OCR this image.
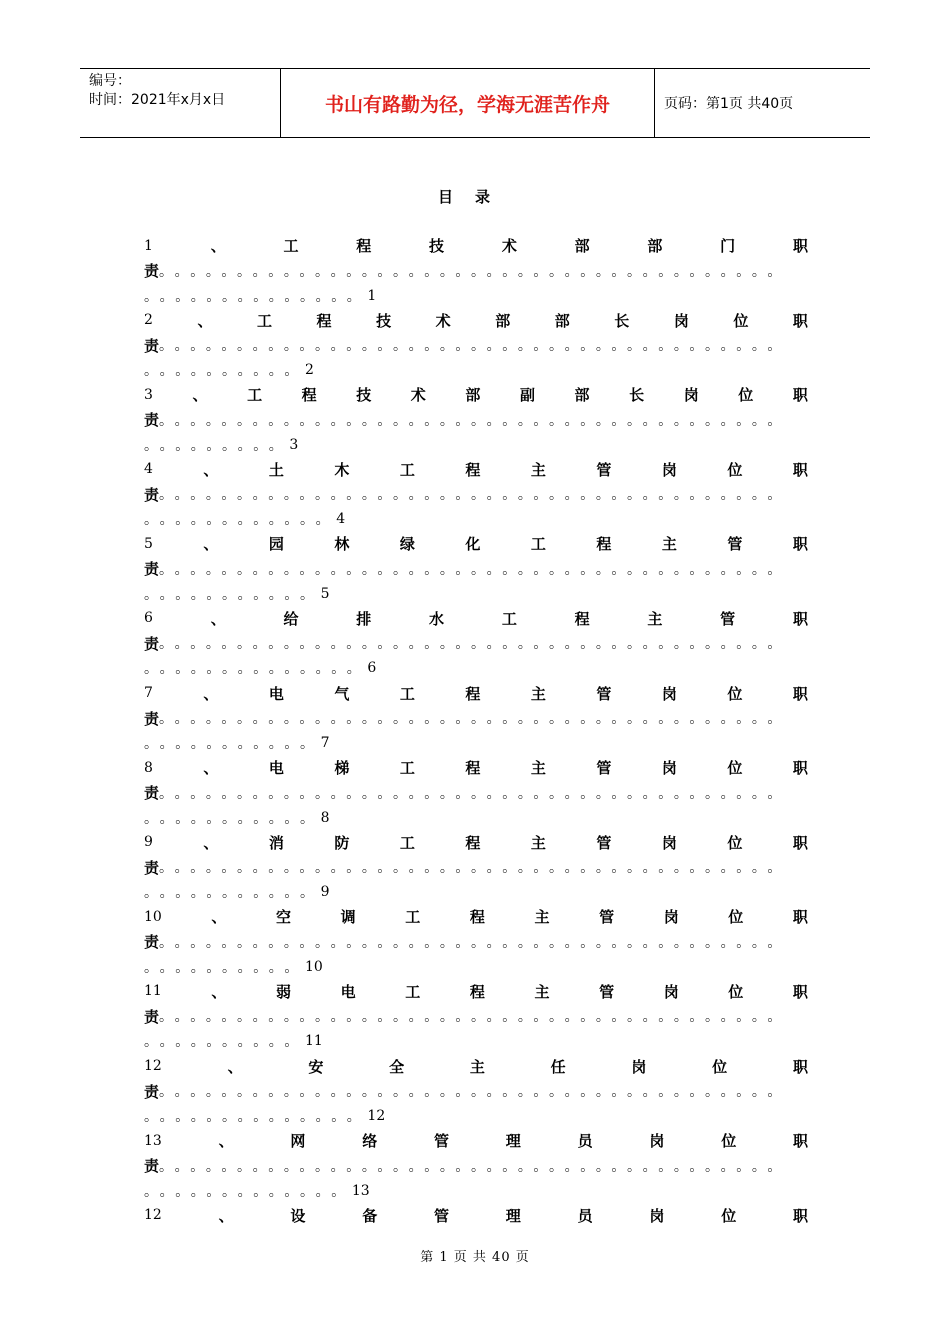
编号：
时间：2021年x月x日	书山有路勤为径，学海无涯苦作舟	页码：第1页 共40页
目录
1	、	工	程	技	术	部	部	门	职
责 。。。。。。。。。。。。。。。。。。。。。。。。。。。。。。。。。。。。。。。。
。。。。。。。。。。。。。。
1
2	、	工	程	技	术	部	部	长	岗	位	职
责 。。。。。。。。。。。。。。。。。。。。。。。。。。。。。。。。。。。。。。。。
。。。。。。。。。。
2
3	、	工	程	技	术	部	副	部	长	岗	位	职
责 。。。。。。。。。。。。。。。。。。。。。。。。。。。。。。。。。。。。。。。。
。。。。。。。。。
3
4	、	土	木	工	程	主	管	岗	位	职
责 。。。。。。。。。。。。。。。。。。。。。。。。。。。。。。。。。。。。。。。。
。。。。。。。。。。。。
4
5	、	园	林	绿	化	工	程	主	管	职
责 。。。。。。。。。。。。。。。。。。。。。。。。。。。。。。。。。。。。。。。。
。。。。。。。。。。。
5
6	、	给	排	水	工	程	主	管	职
责 。。。。。。。。。。。。。。。。。。。。。。。。。。。。。。。。。。。。。。。。
。。。。。。。。。。。。。。
6
7	、	电	气	工	程	主	管	岗	位	职
责 。。。。。。。。。。。。。。。。。。。。。。。。。。。。。。。。。。。。。。。。
。。。。。。。。。。。
7
8	、	电	梯	工	程	主	管	岗	位	职
责 。。。。。。。。。。。。。。。。。。。。。。。。。。。。。。。。。。。。。。。。
。。。。。。。。。。。
8
9	、	消	防	工	程	主	管	岗	位	职
责 。。。。。。。。。。。。。。。。。。。。。。。。。。。。。。。。。。。。。。。。
。。。。。。。。。。。
9
10	、	空	调	工	程	主	管	岗	位	职
责 。。。。。。。。。。。。。。。。。。。。。。。。。。。。。。。。。。。。。。。。
。。。。。。。。。。
10
11	、	弱	电	工	程	主	管	岗	位	职
责 。。。。。。。。。。。。。。。。。。。。。。。。。。。。。。。。。。。。。。。。
。。。。。。。。。。
11
12	、	安	全	主	任	岗	位	职
责 。。。。。。。。。。。。。。。。。。。。。。。。。。。。。。。。。。。。。。。。
。。。。。。。。。。。。。。
12
13	、	网	络	管	理	员	岗	位	职
责 。。。。。。。。。。。。。。。。。。。。。。。。。。。。。。。。。。。。。。。。
。。。。。。。。。。。。。
13
12	、	设	备	管	理	员	岗	位	职
第 1 页 共 40 页
